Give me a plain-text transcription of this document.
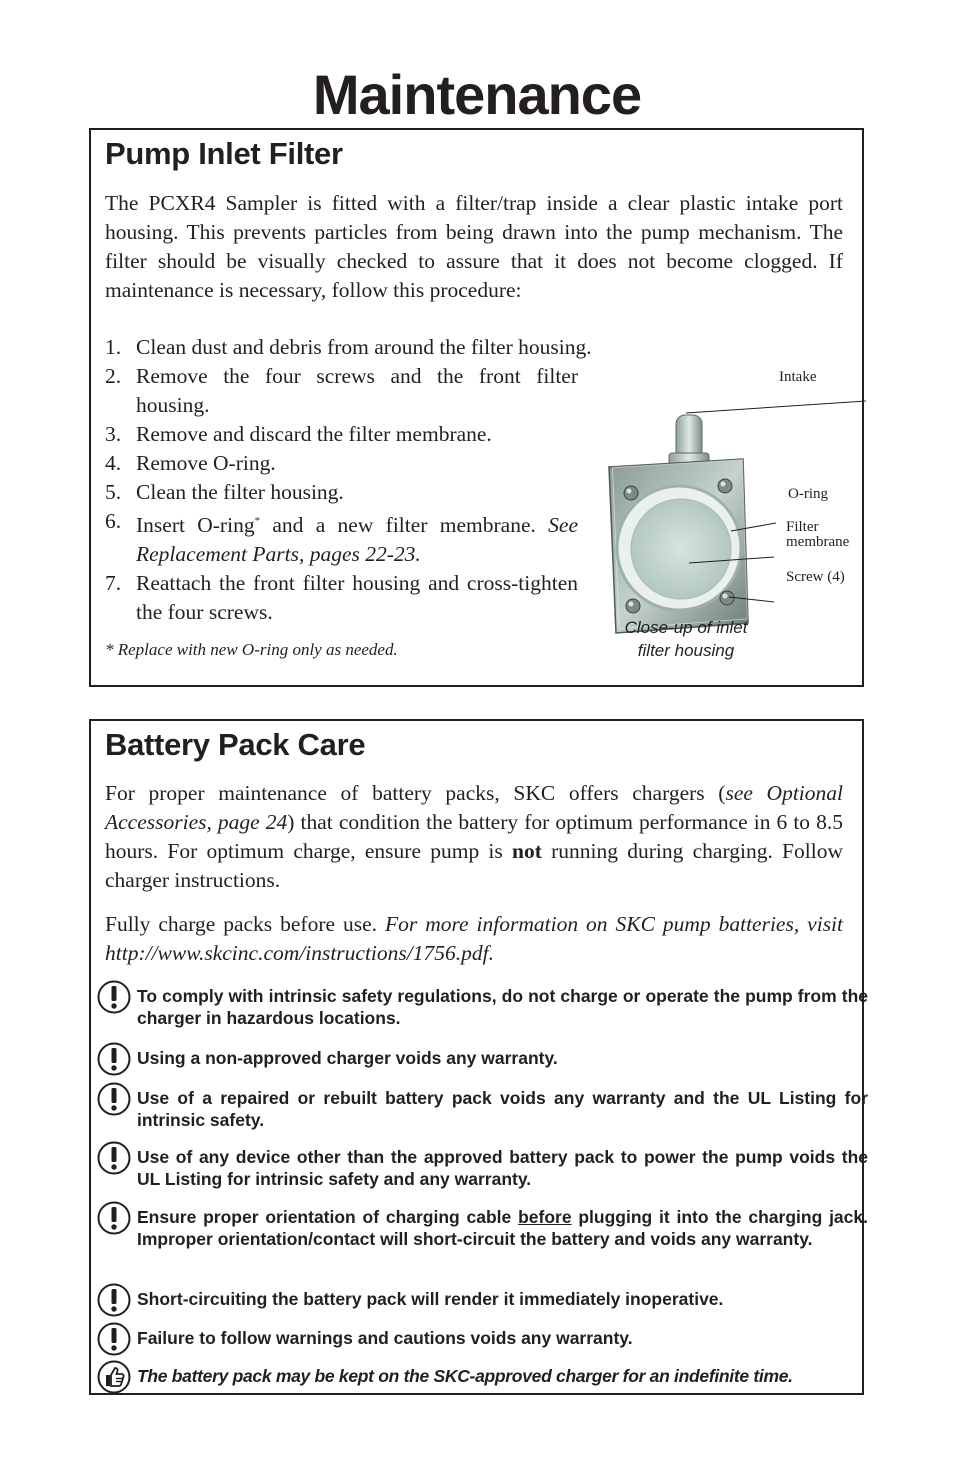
Maintenance
Pump Inlet Filter

The PCXR4 Sampler is fitted with a filter/trap inside a clear plastic intake port housing. This prevents particles from being drawn into the pump mechanism. The filter should be visually checked to assure that it does not become clogged. If maintenance is necessary, follow this procedure:

1. Clean dust and debris from around the filter housing.
2. Remove the four screws and the front filter housing.
3. Remove and discard the filter membrane.
4. Remove O-ring.
5. Clean the filter housing.
6. Insert O-ring* and a new filter membrane. See Replacement Parts, pages 22-23.
7. Reattach the front filter housing and cross-tighten the four screws.

* Replace with new O-ring only as needed.

Intake
O-ring
Filter
membrane
Screw (4)

Close-up of inlet
filter housing

Battery Pack Care

For proper maintenance of battery packs, SKC offers chargers (see Optional Accessories, page 24) that condition the battery for optimum performance in 6 to 8.5 hours. For optimum charge, ensure pump is not running during charging. Follow charger instructions.

Fully charge packs before use. For more information on SKC pump batteries, visit http://www.skcinc.com/instructions/1756.pdf.

To comply with intrinsic safety regulations, do not charge or operate the pump from the charger in hazardous locations.
Using a non-approved charger voids any warranty.
Use of a repaired or rebuilt battery pack voids any warranty and the UL Listing for intrinsic safety.
Use of any device other than the approved battery pack to power the pump voids the UL Listing for intrinsic safety and any warranty.
Ensure proper orientation of charging cable before plugging it into the charging jack. Improper orientation/contact will short-circuit the battery and voids any warranty.
Short-circuiting the battery pack will render it immediately inoperative.
Failure to follow warnings and cautions voids any warranty.
The battery pack may be kept on the SKC-approved charger for an indefinite time.
